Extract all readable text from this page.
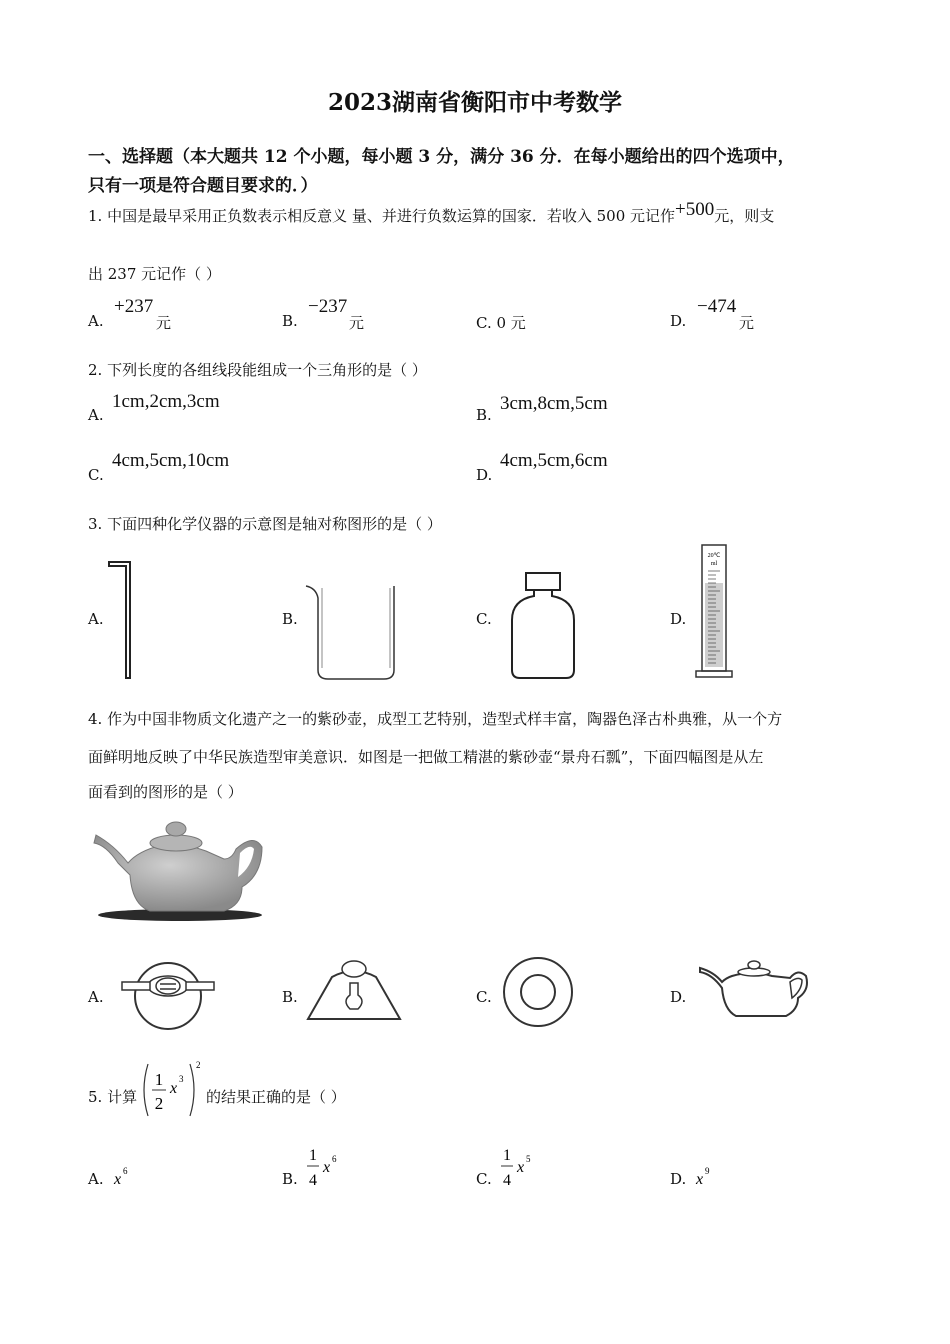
2023湖南省衡阳市中考数学
一、选择题（本大题共 12 个小题，每小题 3 分，满分 36 分．在每小题给出的四个选项中，
只有一项是符合题目要求的．）
1. 中国是最早采用正负数表示相反意义 量、并进行负数运算的国家．若收入 500 元记作+500元，则支
出 237 元记作（ ）
A.
+237
元	B.
−237
元	C. 0 元	D.
−474
元
2. 下列长度的各组线段能组成一个三角形的是（ ）
A.
1cm,2cm,3cm
B.
3cm,8cm,5cm
C.
4cm,5cm,10cm
D.
4cm,5cm,6cm
3. 下面四种化学仪器的示意图是轴对称图形的是（ ）
A.	B.	C.	D.
20℃
ml
4. 作为中国非物质文化遗产之一的紫砂壶，成型工艺特别，造型式样丰富，陶器色泽古朴典雅，从一个方
面鲜明地反映了中华民族造型审美意识．如图是一把做工精湛的紫砂壶“景舟石瓢”，下面四幅图是从左
面看到的图形的是（ ）
A.	B.	C.	D.
5. 计算
1
2
x
3
2
的结果正确的是（ ）
A. x 6	B.
1
4
x 6
C.
1
4
x 5
D. x 9
